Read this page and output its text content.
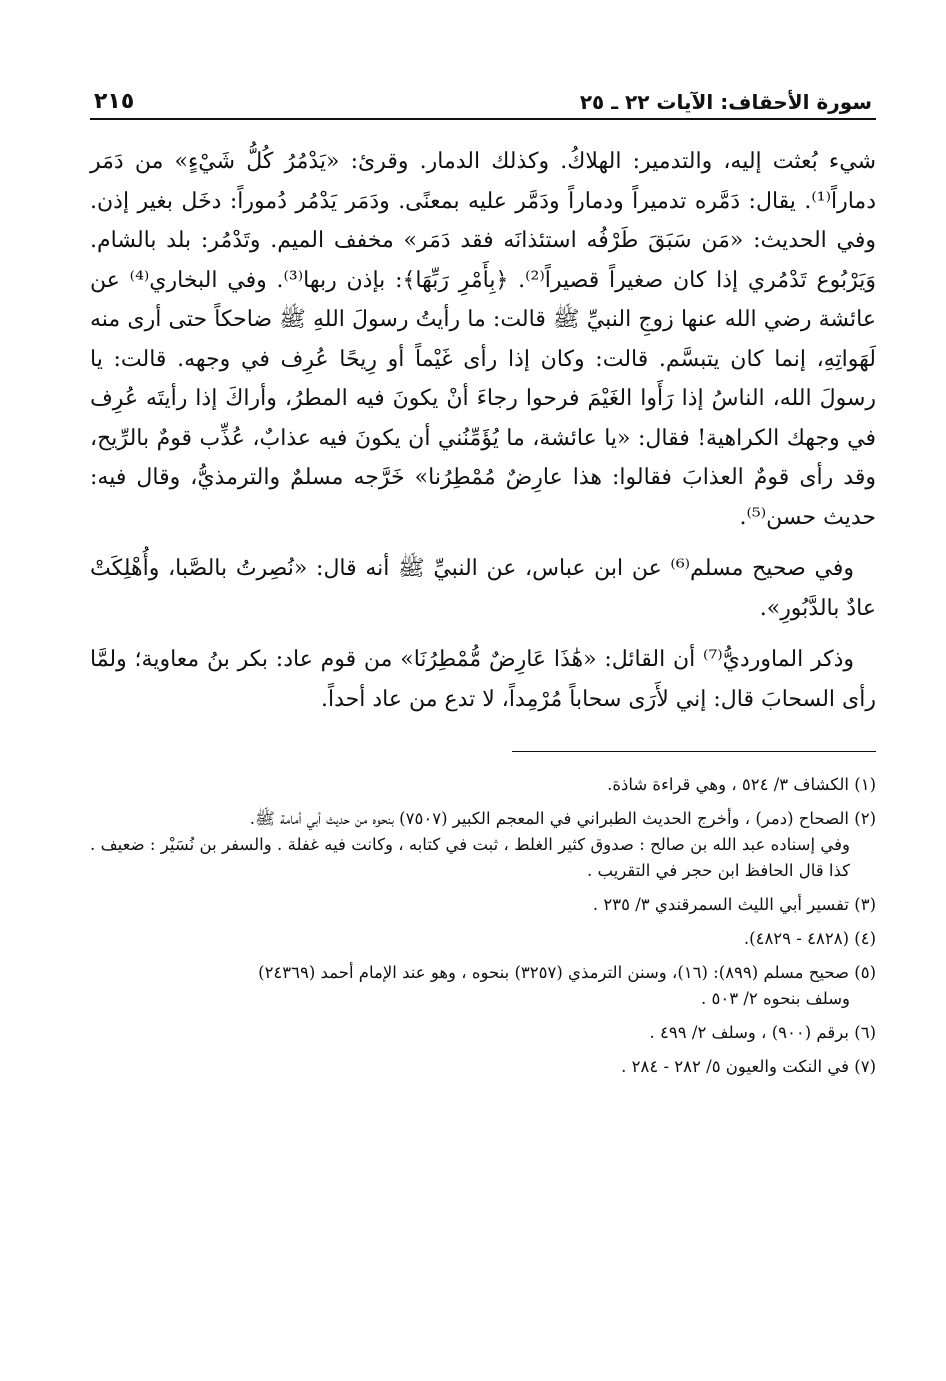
سورة الأحقاف: الآيات ٢٢ ـ ٢٥
٢١٥

شيء بُعثت إليه، والتدمير: الهلاكُ. وكذلك الدمار. وقرئ: «يَدْمُرُ كُلُّ شَيْءٍ» من دَمَر دماراً⁽¹⁾. يقال: دَمَّره تدميراً ودماراً ودَمَّر عليه بمعنًى. ودَمَر يَدْمُر دُموراً: دخَل بغير إذن. وفي الحديث: «مَن سَبَقَ طَرْفُه استئذانَه فقد دَمَر» مخفف الميم. وتَدْمُر: بلد بالشام. وَيَرْبُوع تَدْمُري إذا كان صغيراً قصيراً⁽²⁾. ﴿بِأَمْرِ رَبِّهَا﴾: بإذن ربها⁽³⁾. وفي البخاري⁽⁴⁾ عن عائشة رضي الله عنها زوجِ النبيِّ ﷺ قالت: ما رأيتُ رسولَ اللهِ ﷺ ضاحكاً حتى أرى منه لَهَواتِهِ، إنما كان يتبسَّم. قالت: وكان إذا رأى غَيْماً أو رِيحًا عُرِف في وجهه. قالت: يا رسولَ الله، الناسُ إذا رَأَوا الغَيْمَ فرحوا رجاءَ أنْ يكونَ فيه المطرُ، وأراكَ إذا رأيتَه عُرِف في وجهك الكراهية! فقال: «يا عائشة، ما يُؤَمِّنُني أن يكونَ فيه عذابٌ، عُذِّب قومٌ بالرِّيح، وقد رأى قومٌ العذابَ فقالوا: هذا عارِضٌ مُمْطِرُنا» خَرَّجه مسلمٌ والترمذيُّ، وقال فيه: حديث حسن⁽⁵⁾.

وفي صحيح مسلم⁽⁶⁾ عن ابن عباس، عن النبيِّ ﷺ أنه قال: «نُصِرتُ بالصَّبا، وأُهْلِكَتْ عادٌ بالدَّبُورِ».

وذكر الماورديُّ⁽⁷⁾ أن القائل: «هَٰذَا عَارِضٌ مُّمْطِرُنَا» من قوم عاد: بكر بنُ معاوية؛ ولمَّا رأى السحابَ قال: إني لأَرَى سحاباً مُرْمِداً، لا تدع من عاد أحداً.

(١) الكشاف ٣/ ٥٢٤ ، وهي قراءة شاذة.

(٢) الصحاح (دمر) ، وأخرج الحديث الطبراني في المعجم الكبير (٧٥٠٧) بنحوه من حديث أبي أمامة ﷺ.

وفي إسناده عبد الله بن صالح : صدوق كثير الغلط ، ثبت في كتابه ، وكانت فيه غفلة . والسفر بن نُسَيْر : ضعيف . كذا قال الحافظ ابن حجر في التقريب .

(٣) تفسير أبي الليث السمرقندي ٣/ ٢٣٥ .

(٤) (٤٨٢٨ - ٤٨٢٩).

(٥) صحيح مسلم (٨٩٩): (١٦)، وسنن الترمذي (٣٢٥٧) بنحوه ، وهو عند الإمام أحمد (٢٤٣٦٩)

وسلف بنحوه ٢/ ٥٠٣ .

(٦) برقم (٩٠٠) ، وسلف ٢/ ٤٩٩ .

(٧) في النكت والعيون ٥/ ٢٨٢ - ٢٨٤ .
